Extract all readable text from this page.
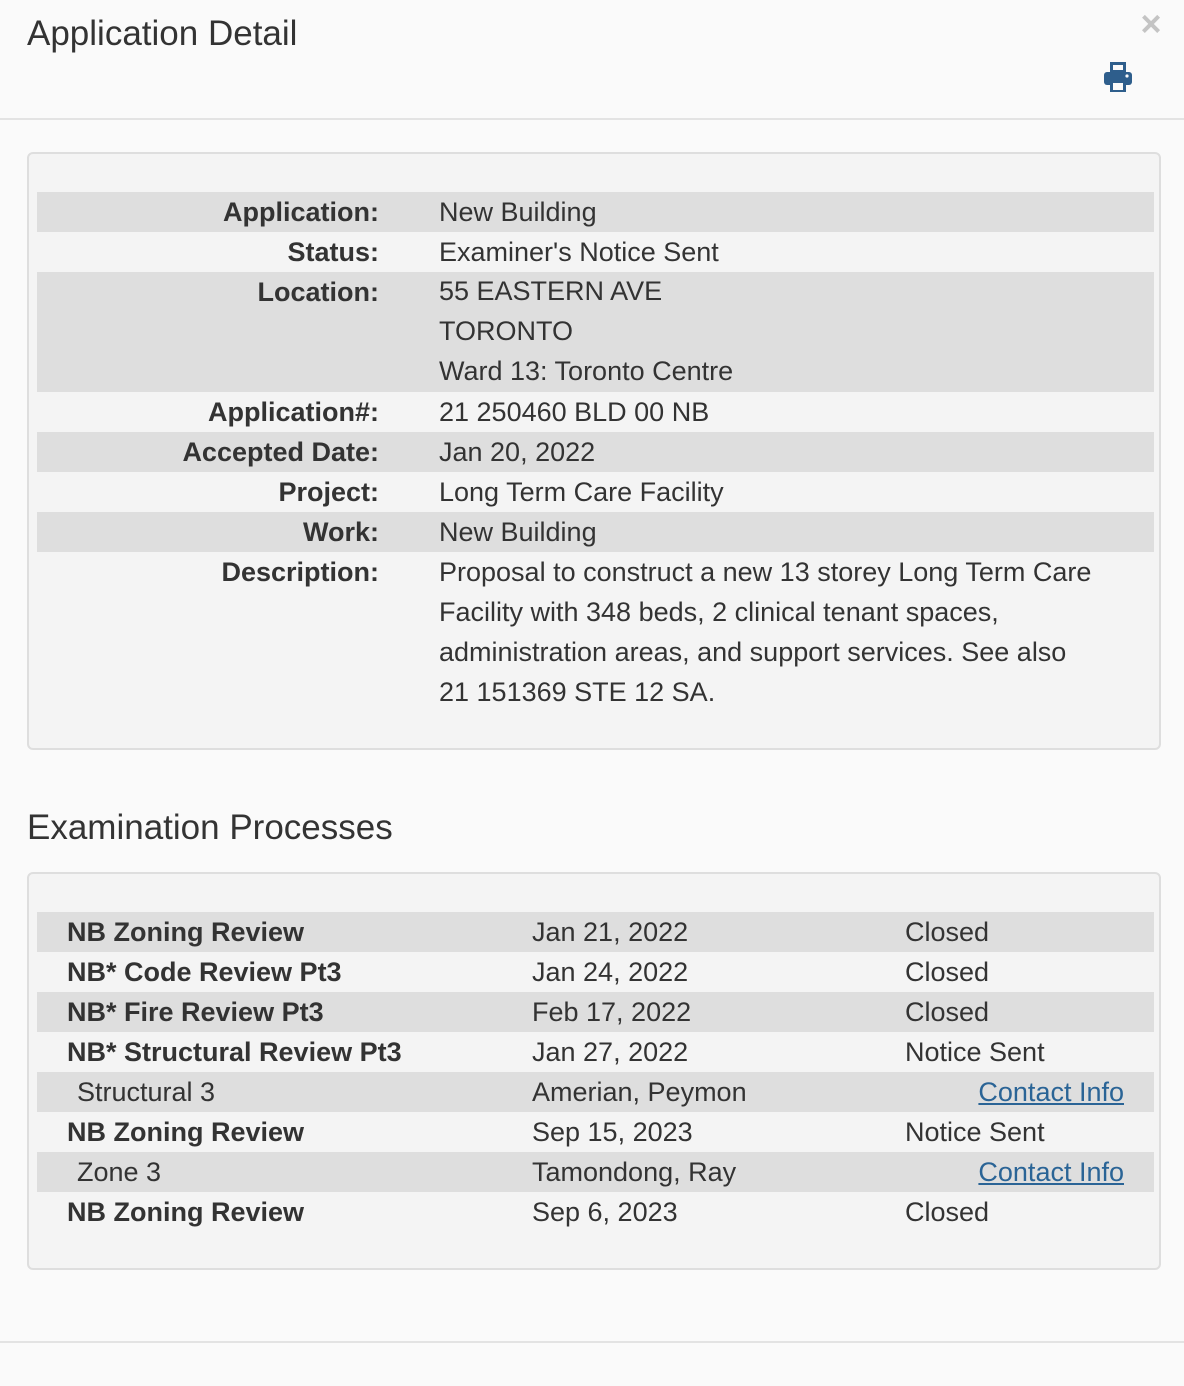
Application Detail	×
Application: New Building
Status: Examiner's Notice Sent
Location: 55 EASTERN AVE
TORONTO
Ward 13: Toronto Centre
Application#: 21 250460 BLD 00 NB
Accepted Date: Jan 20, 2022
Project: Long Term Care Facility
Work: New Building
Description: Proposal to construct a new 13 storey Long Term Care
Facility with 348 beds, 2 clinical tenant spaces,
administration areas, and support services. See also
21 151369 STE 12 SA.
Examination Processes
NB Zoning Review	Jan 21, 2022	Closed
NB* Code Review Pt3	Jan 24, 2022	Closed
NB* Fire Review Pt3	Feb 17, 2022	Closed
NB* Structural Review Pt3	Jan 27, 2022	Notice Sent
Structural 3	Amerian, Peymon	Contact Info
NB Zoning Review	Sep 15, 2023	Notice Sent
Zone 3	Tamondong, Ray	Contact Info
NB Zoning Review	Sep 6, 2023	Closed
